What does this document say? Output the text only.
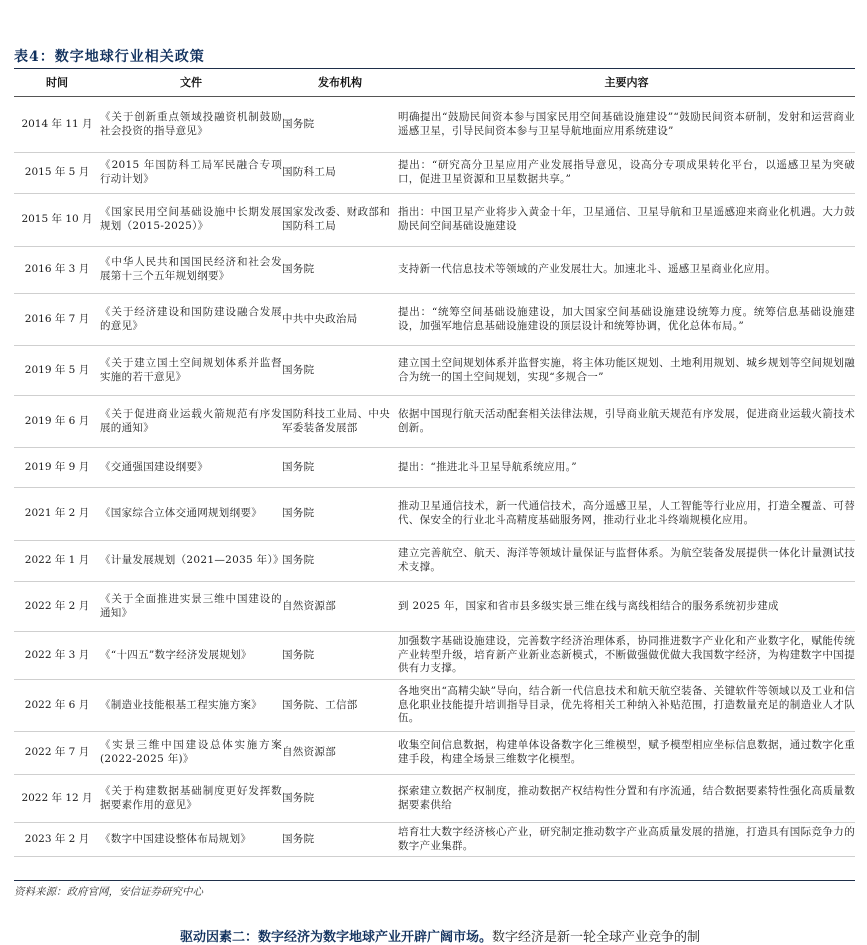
表4：数字地球行业相关政策
时间	文件	发布机构	主要内容
2014 年 11 月	《关于创新重点领域投融资机制鼓励社会投资的指导意见》	国务院	明确提出“鼓励民间资本参与国家民用空间基础设施建设”“鼓励民间资本研制，发射和运营商业遥感卫星，引导民间资本参与卫星导航地面应用系统建设”
2015 年 5 月	《2015 年国防科工局军民融合专项行动计划》	国防科工局	提出：“研究高分卫星应用产业发展指导意见，设高分专项成果转化平台，以遥感卫星为突破口，促进卫星资源和卫星数据共享。”
2015 年 10 月	《国家民用空间基础设施中长期发展规划（2015-2025）》	国家发改委、财政部和国防科工局	指出：中国卫星产业将步入黄金十年，卫星通信、卫星导航和卫星遥感迎来商业化机遇。大力鼓励民间空间基础设施建设
2016 年 3 月	《中华人民共和国国民经济和社会发展第十三个五年规划纲要》	国务院	支持新一代信息技术等领域的产业发展壮大。加速北斗、遥感卫星商业化应用。
2016 年 7 月	《关于经济建设和国防建设融合发展的意见》	中共中央政治局	提出：“统筹空间基础设施建设，加大国家空间基础设施建设统筹力度。统筹信息基础设施建设，加强军地信息基础设施建设的顶层设计和统筹协调，优化总体布局。”
2019 年 5 月	《关于建立国土空间规划体系并监督实施的若干意见》	国务院	建立国土空间规划体系并监督实施，将主体功能区规划、土地利用规划、城乡规划等空间规划融合为统一的国土空间规划，实现“多规合一”
2019 年 6 月	《关于促进商业运载火箭规范有序发展的通知》	国防科技工业局、中央军委装备发展部	依据中国现行航天活动配套相关法律法规，引导商业航天规范有序发展，促进商业运载火箭技术创新。
2019 年 9 月	《交通强国建设纲要》	国务院	提出：“推进北斗卫星导航系统应用。”
2021 年 2 月	《国家综合立体交通网规划纲要》	国务院	推动卫星通信技术，新一代通信技术，高分遥感卫星，人工智能等行业应用，打造全覆盖、可替代、保安全的行业北斗高精度基础服务网，推动行业北斗终端规模化应用。
2022 年 1 月	《计量发展规划（2021—2035 年）》	国务院	建立完善航空、航天、海洋等领域计量保证与监督体系。为航空装备发展提供一体化计量测试技术支撑。
2022 年 2 月	《关于全面推进实景三维中国建设的通知》	自然资源部	到 2025 年，国家和省市县多级实景三维在线与离线相结合的服务系统初步建成
2022 年 3 月	《“十四五”数字经济发展规划》	国务院	加强数字基础设施建设，完善数字经济治理体系，协同推进数字产业化和产业数字化，赋能传统产业转型升级，培育新产业新业态新模式，不断做强做优做大我国数字经济，为构建数字中国提供有力支撑。
2022 年 6 月	《制造业技能根基工程实施方案》	国务院、工信部	各地突出“高精尖缺”导向，结合新一代信息技术和航天航空装备、关键软件等领域以及工业和信息化职业技能提升培训指导目录，优先将相关工种纳入补贴范围，打造数量充足的制造业人才队伍。
2022 年 7 月	《实景三维中国建设总体实施方案(2022-2025 年)》	自然资源部	收集空间信息数据，构建单体设备数字化三维模型，赋予模型相应坐标信息数据，通过数字化重建手段，构建全场景三维数字化模型。
2022 年 12 月	《关于构建数据基础制度更好发挥数据要素作用的意见》	国务院	探索建立数据产权制度，推动数据产权结构性分置和有序流通，结合数据要素特性强化高质量数据要素供给
2023 年 2 月	《数字中国建设整体布局规划》	国务院	培育壮大数字经济核心产业，研究制定推动数字产业高质量发展的措施，打造具有国际竞争力的数字产业集群。
资料来源：政府官网，安信证券研究中心
驱动因素二：数字经济为数字地球产业开辟广阔市场。数字经济是新一轮全球产业竞争的制
